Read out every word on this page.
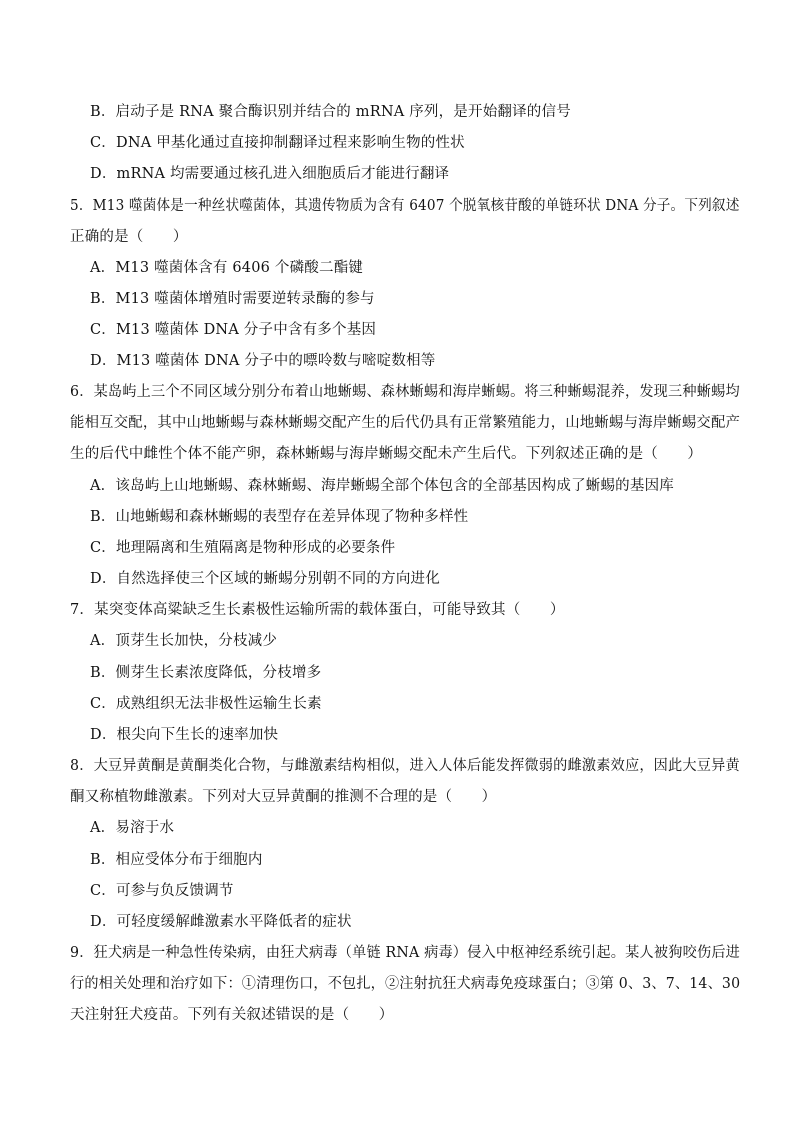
B．启动子是 RNA 聚合酶识别并结合的 mRNA 序列，是开始翻译的信号
C．DNA 甲基化通过直接抑制翻译过程来影响生物的性状
D．mRNA 均需要通过核孔进入细胞质后才能进行翻译
5．M13 噬菌体是一种丝状噬菌体，其遗传物质为含有 6407 个脱氧核苷酸的单链环状 DNA 分子。下列叙述
正确的是（　　）
A．M13 噬菌体含有 6406 个磷酸二酯键
B．M13 噬菌体增殖时需要逆转录酶的参与
C．M13 噬菌体 DNA 分子中含有多个基因
D．M13 噬菌体 DNA 分子中的嘌呤数与嘧啶数相等
6．某岛屿上三个不同区域分别分布着山地蜥蜴、森林蜥蜴和海岸蜥蜴。将三种蜥蜴混养，发现三种蜥蜴均
能相互交配，其中山地蜥蜴与森林蜥蜴交配产生的后代仍具有正常繁殖能力，山地蜥蜴与海岸蜥蜴交配产
生的后代中雌性个体不能产卵，森林蜥蜴与海岸蜥蜴交配未产生后代。下列叙述正确的是（　　）
A．该岛屿上山地蜥蜴、森林蜥蜴、海岸蜥蜴全部个体包含的全部基因构成了蜥蜴的基因库
B．山地蜥蜴和森林蜥蜴的表型存在差异体现了物种多样性
C．地理隔离和生殖隔离是物种形成的必要条件
D．自然选择使三个区域的蜥蜴分别朝不同的方向进化
7．某突变体高粱缺乏生长素极性运输所需的载体蛋白，可能导致其（　　）
A．顶芽生长加快，分枝减少
B．侧芽生长素浓度降低，分枝增多
C．成熟组织无法非极性运输生长素
D．根尖向下生长的速率加快
8．大豆异黄酮是黄酮类化合物，与雌激素结构相似，进入人体后能发挥微弱的雌激素效应，因此大豆异黄
酮又称植物雌激素。下列对大豆异黄酮的推测不合理的是（　　）
A．易溶于水
B．相应受体分布于细胞内
C．可参与负反馈调节
D．可轻度缓解雌激素水平降低者的症状
9．狂犬病是一种急性传染病，由狂犬病毒（单链 RNA 病毒）侵入中枢神经系统引起。某人被狗咬伤后进
行的相关处理和治疗如下：①清理伤口，不包扎，②注射抗狂犬病毒免疫球蛋白；③第 0、3、7、14、30
天注射狂犬疫苗。下列有关叙述错误的是（　　）
